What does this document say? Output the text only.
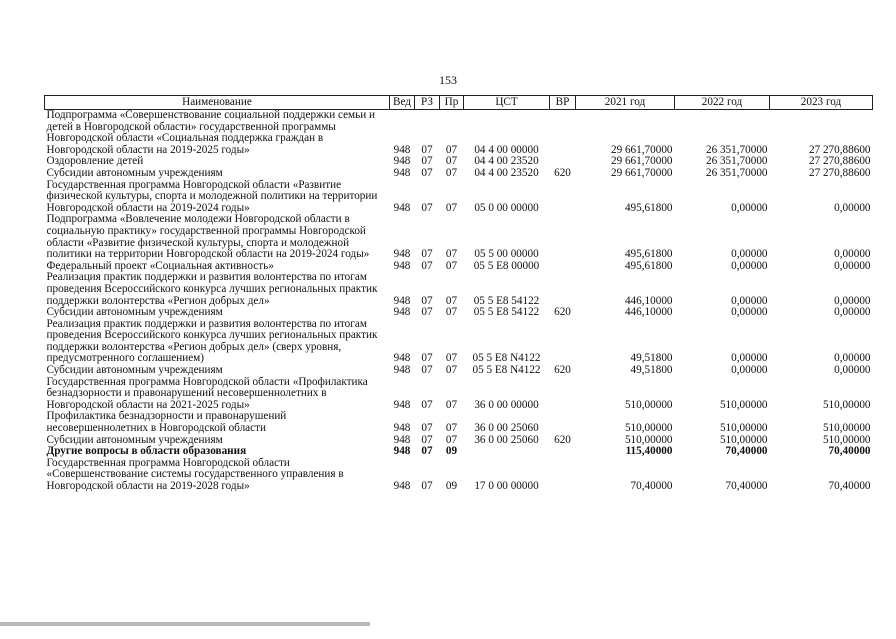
153
Наименование	Вед	РЗ	Пр	ЦСТ	ВР	2021 год	2022 год	2023 год
Подпрограмма «Совершенствование социальной поддержки семьи и детей в Новгородской области» государственной программы Новгородской области «Социальная поддержка граждан в Новгородской области на 2019-2025 годы»	948	07	07	04 4 00 00000		29 661,70000	26 351,70000	27 270,88600
Оздоровление детей	948	07	07	04 4 00 23520		29 661,70000	26 351,70000	27 270,88600
Субсидии автономным учреждениям	948	07	07	04 4 00 23520	620	29 661,70000	26 351,70000	27 270,88600
Государственная программа Новгородской области «Развитие физической культуры, спорта и молодежной политики на территории Новгородской области на 2019-2024 годы»	948	07	07	05 0 00 00000		495,61800	0,00000	0,00000
Подпрограмма «Вовлечение молодежи Новгородской области в социальную практику» государственной программы Новгородской области «Развитие физической культуры, спорта и молодежной политики на территории Новгородской области на 2019-2024 годы»	948	07	07	05 5 00 00000		495,61800	0,00000	0,00000
Федеральный проект «Социальная активность»	948	07	07	05 5 E8 00000		495,61800	0,00000	0,00000
Реализация практик поддержки и развития волонтерства по итогам проведения Всероссийского конкурса лучших региональных практик поддержки волонтерства «Регион добрых дел»	948	07	07	05 5 E8 54122		446,10000	0,00000	0,00000
Субсидии автономным учреждениям	948	07	07	05 5 E8 54122	620	446,10000	0,00000	0,00000
Реализация практик поддержки и развития волонтерства по итогам проведения Всероссийского конкурса лучших региональных практик поддержки волонтерства «Регион добрых дел» (сверх уровня, предусмотренного соглашением)	948	07	07	05 5 E8 N4122		49,51800	0,00000	0,00000
Субсидии автономным учреждениям	948	07	07	05 5 E8 N4122	620	49,51800	0,00000	0,00000
Государственная программа Новгородской области «Профилактика безнадзорности и правонарушений несовершеннолетних в Новгородской области на 2021-2025 годы»	948	07	07	36 0 00 00000		510,00000	510,00000	510,00000
Профилактика безнадзорности и правонарушений несовершеннолетних в Новгородской области	948	07	07	36 0 00 25060		510,00000	510,00000	510,00000
Субсидии автономным учреждениям	948	07	07	36 0 00 25060	620	510,00000	510,00000	510,00000
Другие вопросы в области образования	948	07	09			115,40000	70,40000	70,40000
Государственная программа Новгородской области «Совершенствование системы государственного управления в Новгородской области на 2019-2028 годы»	948	07	09	17 0 00 00000		70,40000	70,40000	70,40000
